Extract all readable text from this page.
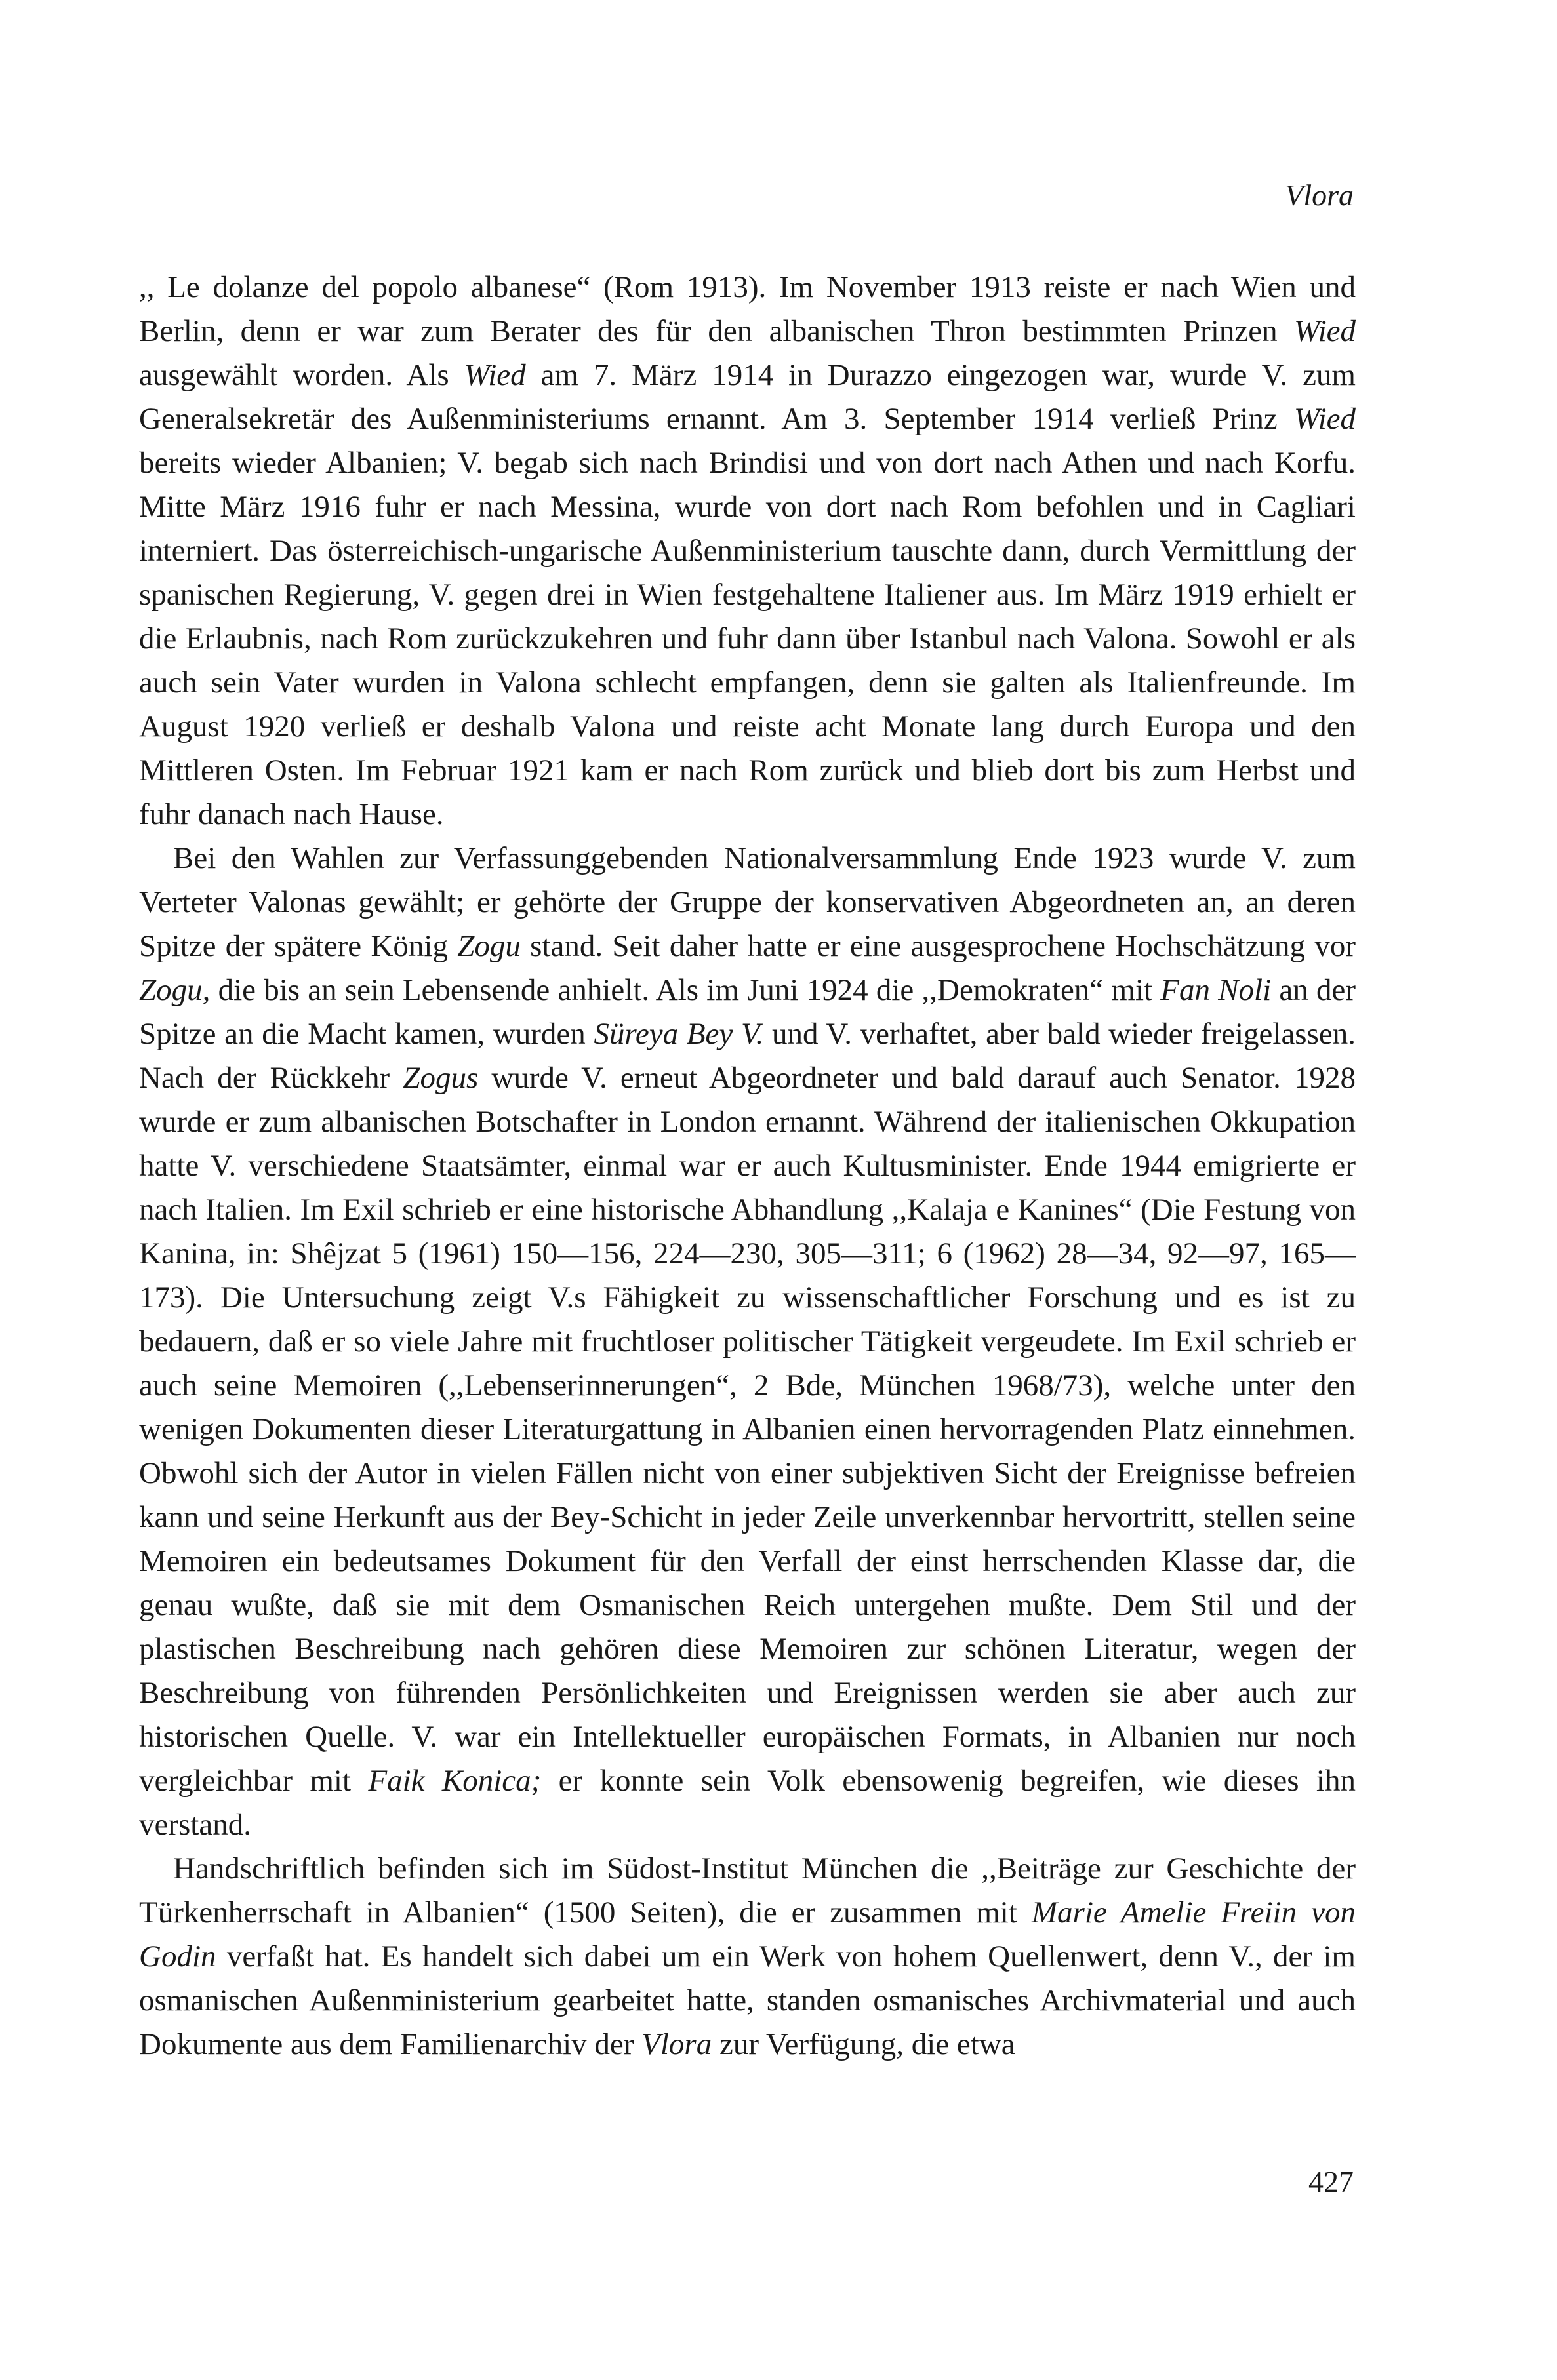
Vlora

,, Le dolanze del popolo albanese“ (Rom 1913). Im November 1913 reiste er nach Wien und Berlin, denn er war zum Berater des für den albanischen Thron bestimmten Prinzen Wied ausgewählt worden. Als Wied am 7. März 1914 in Durazzo eingezogen war, wurde V. zum Generalsekretär des Außenministeriums ernannt. Am 3. September 1914 verließ Prinz Wied bereits wieder Albanien; V. begab sich nach Brindisi und von dort nach Athen und nach Korfu. Mitte März 1916 fuhr er nach Messina, wurde von dort nach Rom befohlen und in Cagliari interniert. Das österreichisch-ungarische Außenministerium tauschte dann, durch Vermittlung der spanischen Regierung, V. gegen drei in Wien festgehaltene Italiener aus. Im März 1919 erhielt er die Erlaubnis, nach Rom zurückzukehren und fuhr dann über Istanbul nach Valona. Sowohl er als auch sein Vater wurden in Valona schlecht empfangen, denn sie galten als Italienfreunde. Im August 1920 verließ er deshalb Valona und reiste acht Monate lang durch Europa und den Mittleren Osten. Im Februar 1921 kam er nach Rom zurück und blieb dort bis zum Herbst und fuhr danach nach Hause.

Bei den Wahlen zur Verfassunggebenden Nationalversammlung Ende 1923 wurde V. zum Verteter Valonas gewählt; er gehörte der Gruppe der konservativen Abgeordneten an, an deren Spitze der spätere König Zogu stand. Seit daher hatte er eine ausgesprochene Hochschätzung vor Zogu, die bis an sein Lebensende anhielt. Als im Juni 1924 die ,,Demokraten“ mit Fan Noli an der Spitze an die Macht kamen, wurden Süreya Bey V. und V. verhaftet, aber bald wieder freigelassen. Nach der Rückkehr Zogus wurde V. erneut Abgeordneter und bald darauf auch Senator. 1928 wurde er zum albanischen Botschafter in London ernannt. Während der italienischen Okkupation hatte V. verschiedene Staatsämter, einmal war er auch Kultusminister. Ende 1944 emigrierte er nach Italien. Im Exil schrieb er eine historische Abhandlung ,,Kalaja e Kanines“ (Die Festung von Kanina, in: Shêjzat 5 (1961) 150—156, 224—230, 305—311; 6 (1962) 28—34, 92—97, 165—173). Die Untersuchung zeigt V.s Fähigkeit zu wissenschaftlicher Forschung und es ist zu bedauern, daß er so viele Jahre mit fruchtloser politischer Tätigkeit vergeudete. Im Exil schrieb er auch seine Memoiren (,,Lebenserinnerungen“, 2 Bde, München 1968/73), welche unter den wenigen Dokumenten dieser Literaturgattung in Albanien einen hervorragenden Platz einnehmen. Obwohl sich der Autor in vielen Fällen nicht von einer subjektiven Sicht der Ereignisse befreien kann und seine Herkunft aus der Bey-Schicht in jeder Zeile unverkennbar hervortritt, stellen seine Memoiren ein bedeutsames Dokument für den Verfall der einst herrschenden Klasse dar, die genau wußte, daß sie mit dem Osmanischen Reich untergehen mußte. Dem Stil und der plastischen Beschreibung nach gehören diese Memoiren zur schönen Literatur, wegen der Beschreibung von führenden Persönlichkeiten und Ereignissen werden sie aber auch zur historischen Quelle. V. war ein Intellektueller europäischen Formats, in Albanien nur noch vergleichbar mit Faik Konica; er konnte sein Volk ebensowenig begreifen, wie dieses ihn verstand.

Handschriftlich befinden sich im Südost-Institut München die ,,Beiträge zur Geschichte der Türkenherrschaft in Albanien“ (1500 Seiten), die er zusammen mit Marie Amelie Freiin von Godin verfaßt hat. Es handelt sich dabei um ein Werk von hohem Quellenwert, denn V., der im osmanischen Außenministerium gearbeitet hatte, standen osmanisches Archivmaterial und auch Dokumente aus dem Familienarchiv der Vlora zur Verfügung, die etwa

427
